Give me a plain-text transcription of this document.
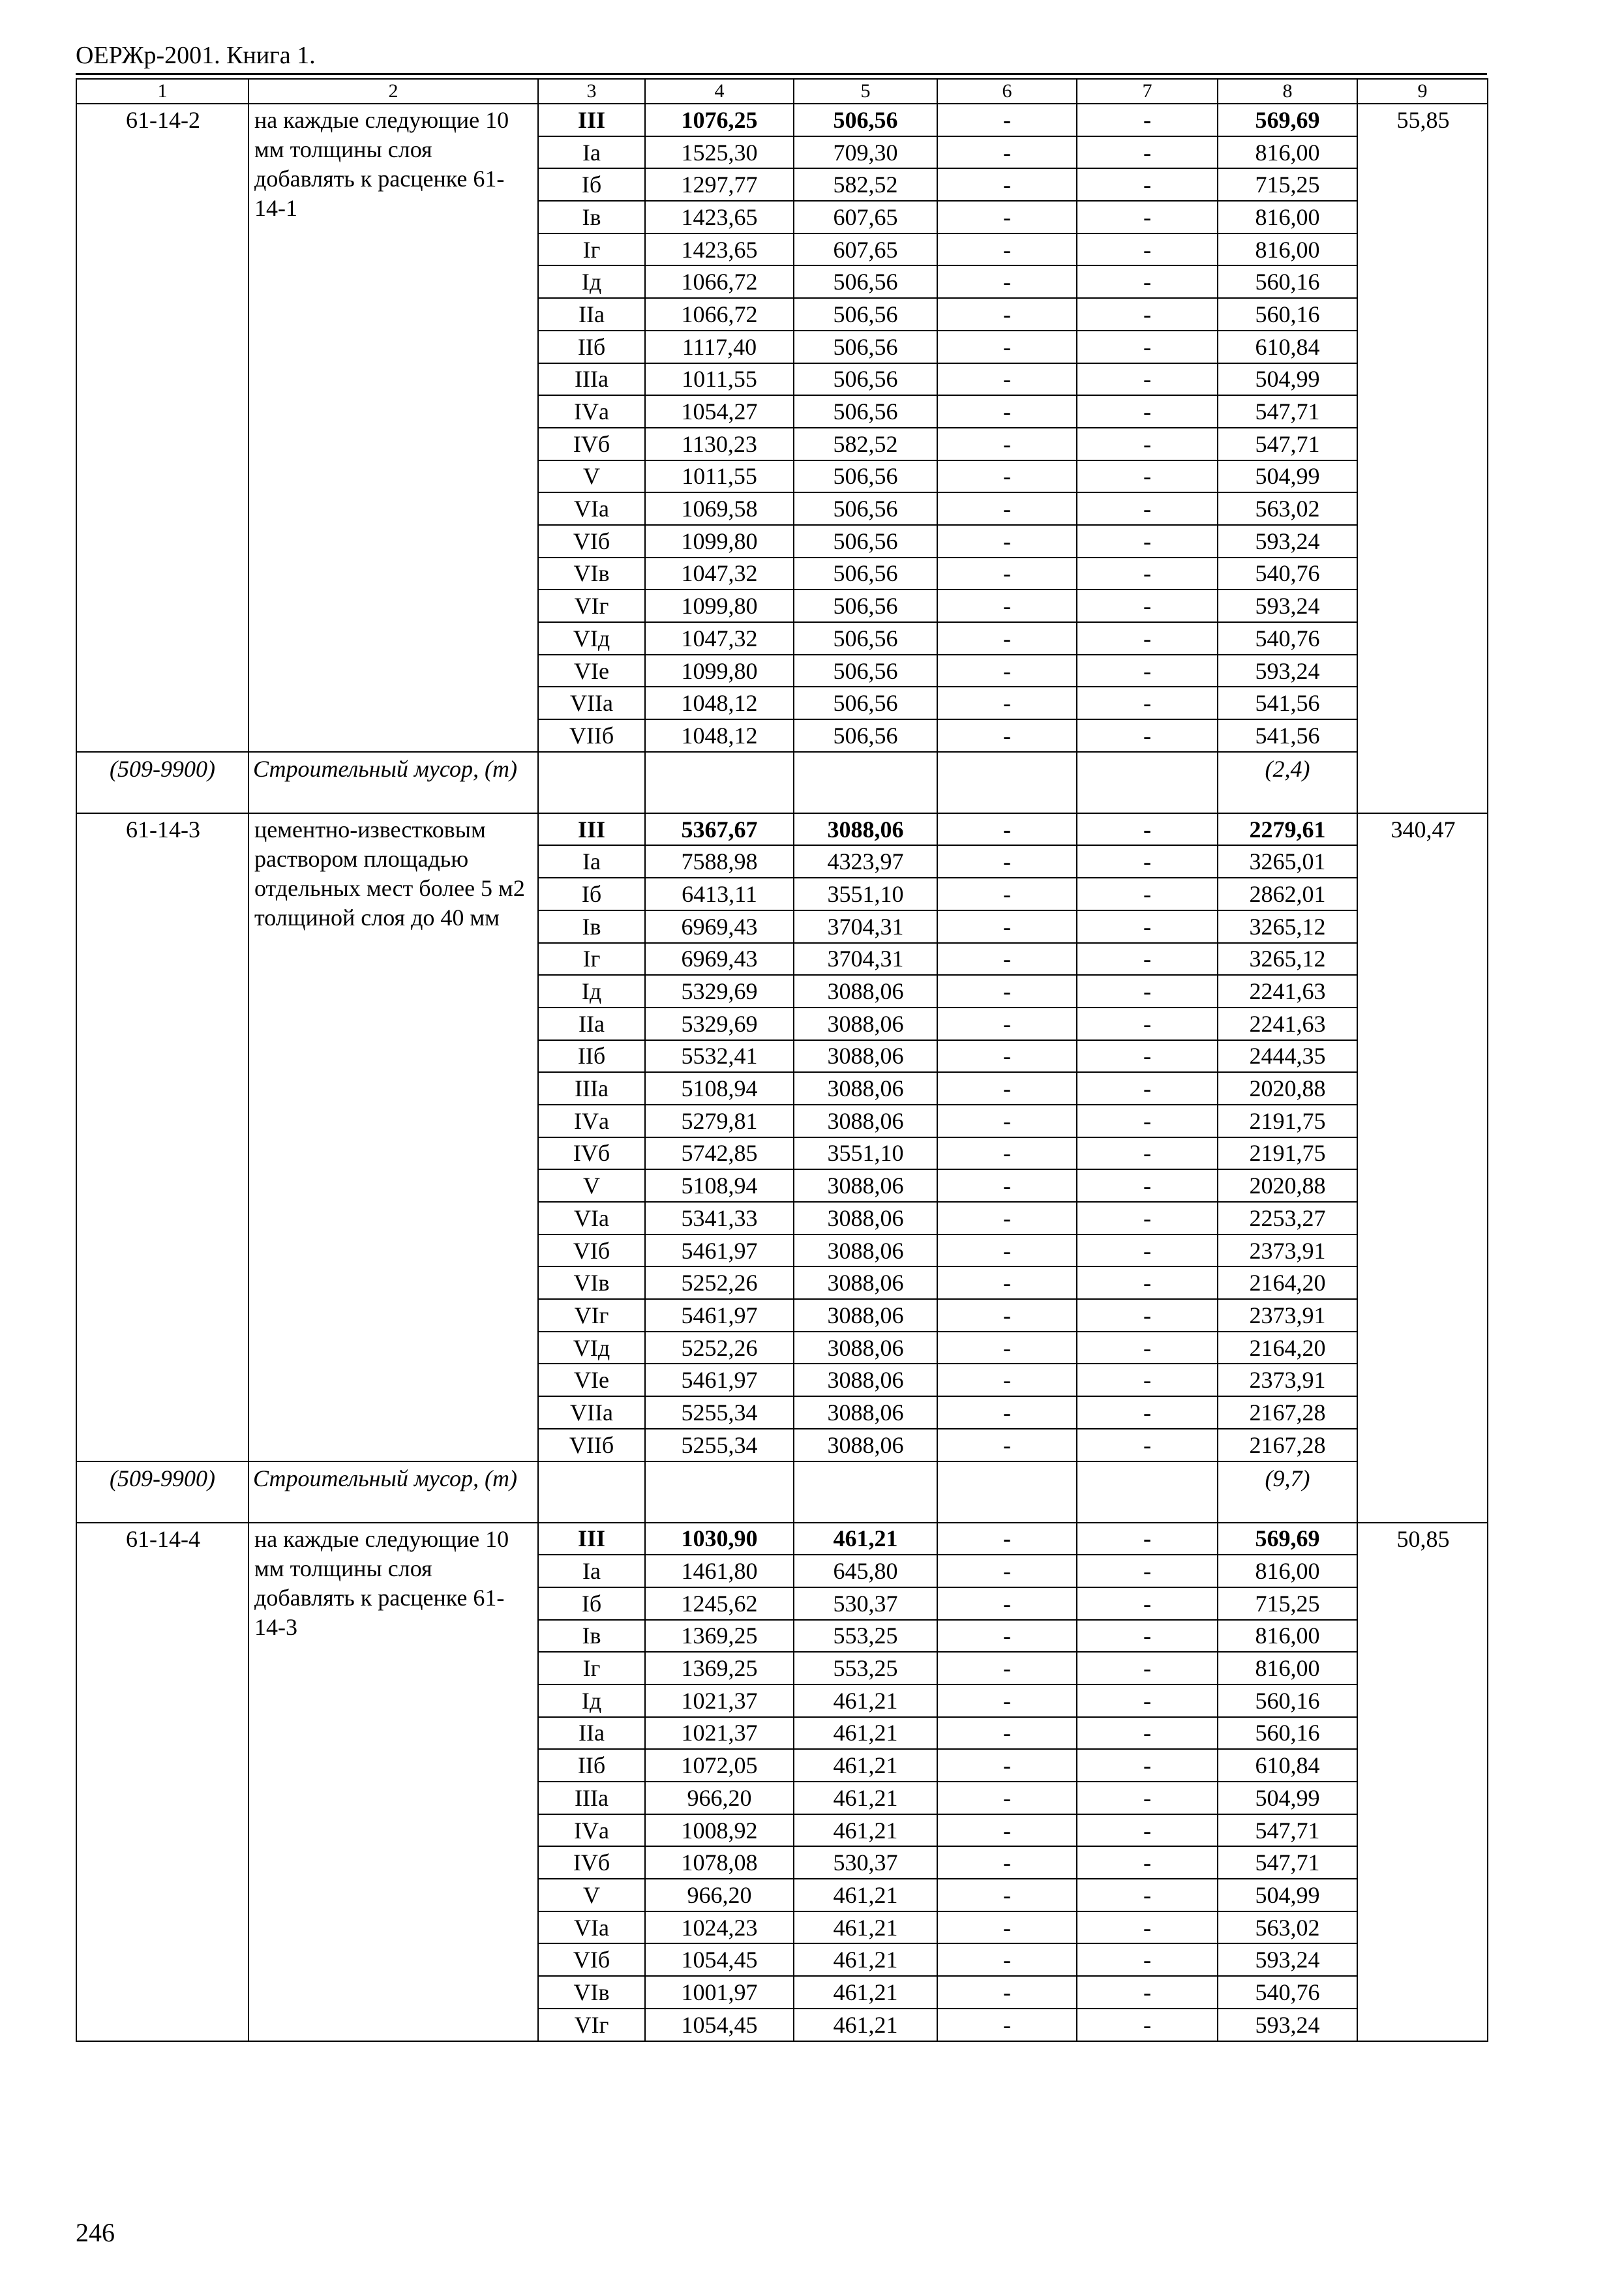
ОЕРЖр-2001. Книга 1.
1	2	3	4	5	6	7	8	9
61-14-2	на каждые следующие 10 мм толщины слоя добавлять к расценке 61-14-1	III	1076,25	506,56	-	-	569,69	55,85
		Iа	1525,30	709,30	-	-	816,00	
		Iб	1297,77	582,52	-	-	715,25	
		Iв	1423,65	607,65	-	-	816,00	
		Iг	1423,65	607,65	-	-	816,00	
		Iд	1066,72	506,56	-	-	560,16	
		IIа	1066,72	506,56	-	-	560,16	
		IIб	1117,40	506,56	-	-	610,84	
		IIIа	1011,55	506,56	-	-	504,99	
		IVа	1054,27	506,56	-	-	547,71	
		IVб	1130,23	582,52	-	-	547,71	
		V	1011,55	506,56	-	-	504,99	
		VIа	1069,58	506,56	-	-	563,02	
		VIб	1099,80	506,56	-	-	593,24	
		VIв	1047,32	506,56	-	-	540,76	
		VIг	1099,80	506,56	-	-	593,24	
		VIд	1047,32	506,56	-	-	540,76	
		VIе	1099,80	506,56	-	-	593,24	
		VIIа	1048,12	506,56	-	-	541,56	
		VIIб	1048,12	506,56	-	-	541,56	
(509-9900)	Строительный мусор, (т)						(2,4)	
61-14-3	цементно-известковым раствором площадью отдельных мест более 5 м2 толщиной слоя до 40 мм	III	5367,67	3088,06	-	-	2279,61	340,47
		Iа	7588,98	4323,97	-	-	3265,01	
		Iб	6413,11	3551,10	-	-	2862,01	
		Iв	6969,43	3704,31	-	-	3265,12	
		Iг	6969,43	3704,31	-	-	3265,12	
		Iд	5329,69	3088,06	-	-	2241,63	
		IIа	5329,69	3088,06	-	-	2241,63	
		IIб	5532,41	3088,06	-	-	2444,35	
		IIIа	5108,94	3088,06	-	-	2020,88	
		IVа	5279,81	3088,06	-	-	2191,75	
		IVб	5742,85	3551,10	-	-	2191,75	
		V	5108,94	3088,06	-	-	2020,88	
		VIа	5341,33	3088,06	-	-	2253,27	
		VIб	5461,97	3088,06	-	-	2373,91	
		VIв	5252,26	3088,06	-	-	2164,20	
		VIг	5461,97	3088,06	-	-	2373,91	
		VIд	5252,26	3088,06	-	-	2164,20	
		VIе	5461,97	3088,06	-	-	2373,91	
		VIIа	5255,34	3088,06	-	-	2167,28	
		VIIб	5255,34	3088,06	-	-	2167,28	
(509-9900)	Строительный мусор, (т)						(9,7)	
61-14-4	на каждые следующие 10 мм толщины слоя добавлять к расценке 61-14-3	III	1030,90	461,21	-	-	569,69	50,85
		Iа	1461,80	645,80	-	-	816,00	
		Iб	1245,62	530,37	-	-	715,25	
		Iв	1369,25	553,25	-	-	816,00	
		Iг	1369,25	553,25	-	-	816,00	
		Iд	1021,37	461,21	-	-	560,16	
		IIа	1021,37	461,21	-	-	560,16	
		IIб	1072,05	461,21	-	-	610,84	
		IIIа	966,20	461,21	-	-	504,99	
		IVа	1008,92	461,21	-	-	547,71	
		IVб	1078,08	530,37	-	-	547,71	
		V	966,20	461,21	-	-	504,99	
		VIа	1024,23	461,21	-	-	563,02	
		VIб	1054,45	461,21	-	-	593,24	
		VIв	1001,97	461,21	-	-	540,76	
		VIг	1054,45	461,21	-	-	593,24	
246
